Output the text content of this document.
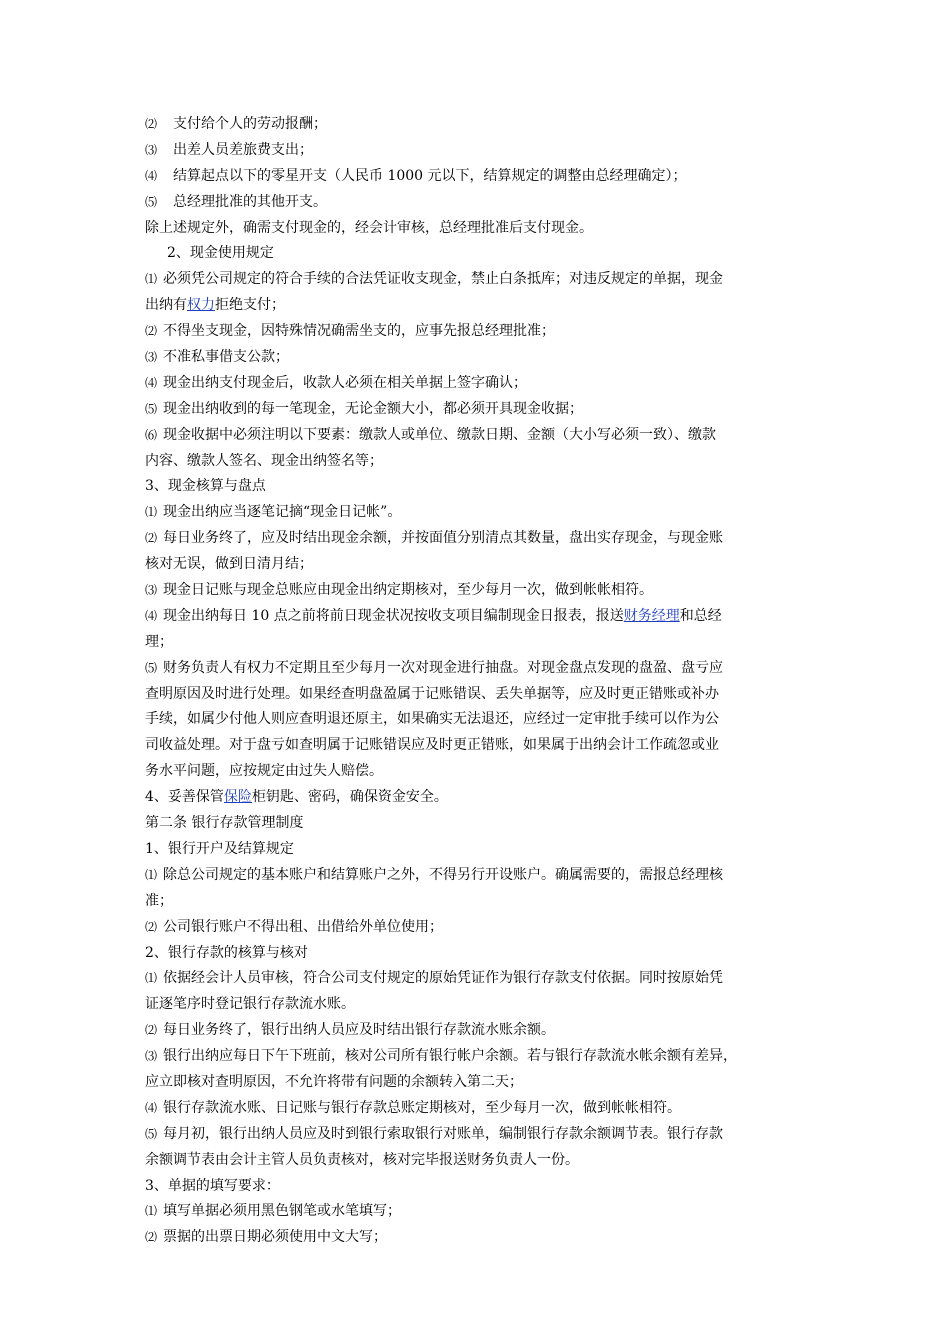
⑵ 支付给个人的劳动报酬；
⑶ 出差人员差旅费支出；
⑷ 结算起点以下的零星开支（人民币 1000 元以下，结算规定的调整由总经理确定）；
⑸ 总经理批准的其他开支。
除上述规定外，确需支付现金的，经会计审核，总经理批准后支付现金。
2、现金使用规定
⑴ 必须凭公司规定的符合手续的合法凭证收支现金，禁止白条抵库；对违反规定的单据，现金
出纳有权力拒绝支付；
⑵ 不得坐支现金，因特殊情况确需坐支的，应事先报总经理批准；
⑶ 不准私事借支公款；
⑷ 现金出纳支付现金后，收款人必须在相关单据上签字确认；
⑸ 现金出纳收到的每一笔现金，无论金额大小，都必须开具现金收据；
⑹ 现金收据中必须注明以下要素：缴款人或单位、缴款日期、金额（大小写必须一致）、缴款
内容、缴款人签名、现金出纳签名等；
3、现金核算与盘点
⑴ 现金出纳应当逐笔记摘“现金日记帐”。
⑵ 每日业务终了，应及时结出现金余额，并按面值分别清点其数量，盘出实存现金，与现金账
核对无误，做到日清月结；
⑶ 现金日记账与现金总账应由现金出纳定期核对，至少每月一次，做到帐帐相符。
⑷ 现金出纳每日 10 点之前将前日现金状况按收支项目编制现金日报表，报送财务经理和总经
理；
⑸ 财务负责人有权力不定期且至少每月一次对现金进行抽盘。对现金盘点发现的盘盈、盘亏应
查明原因及时进行处理。如果经查明盘盈属于记账错误、丢失单据等，应及时更正错账或补办
手续，如属少付他人则应查明退还原主，如果确实无法退还，应经过一定审批手续可以作为公
司收益处理。对于盘亏如查明属于记账错误应及时更正错账，如果属于出纳会计工作疏忽或业
务水平问题，应按规定由过失人赔偿。
4、妥善保管保险柜钥匙、密码，确保资金安全。
第二条 银行存款管理制度
1、银行开户及结算规定
⑴ 除总公司规定的基本账户和结算账户之外，不得另行开设账户。确属需要的，需报总经理核
准；
⑵ 公司银行账户不得出租、出借给外单位使用；
2、银行存款的核算与核对
⑴ 依据经会计人员审核，符合公司支付规定的原始凭证作为银行存款支付依据。同时按原始凭
证逐笔序时登记银行存款流水账。
⑵ 每日业务终了，银行出纳人员应及时结出银行存款流水账余额。
⑶ 银行出纳应每日下午下班前，核对公司所有银行帐户余额。若与银行存款流水帐余额有差异，
应立即核对查明原因，不允许将带有问题的余额转入第二天；
⑷ 银行存款流水账、日记账与银行存款总账定期核对，至少每月一次，做到帐帐相符。
⑸ 每月初，银行出纳人员应及时到银行索取银行对账单，编制银行存款余额调节表。银行存款
余额调节表由会计主管人员负责核对，核对完毕报送财务负责人一份。
3、单据的填写要求：
⑴ 填写单据必须用黑色钢笔或水笔填写；
⑵ 票据的出票日期必须使用中文大写；
